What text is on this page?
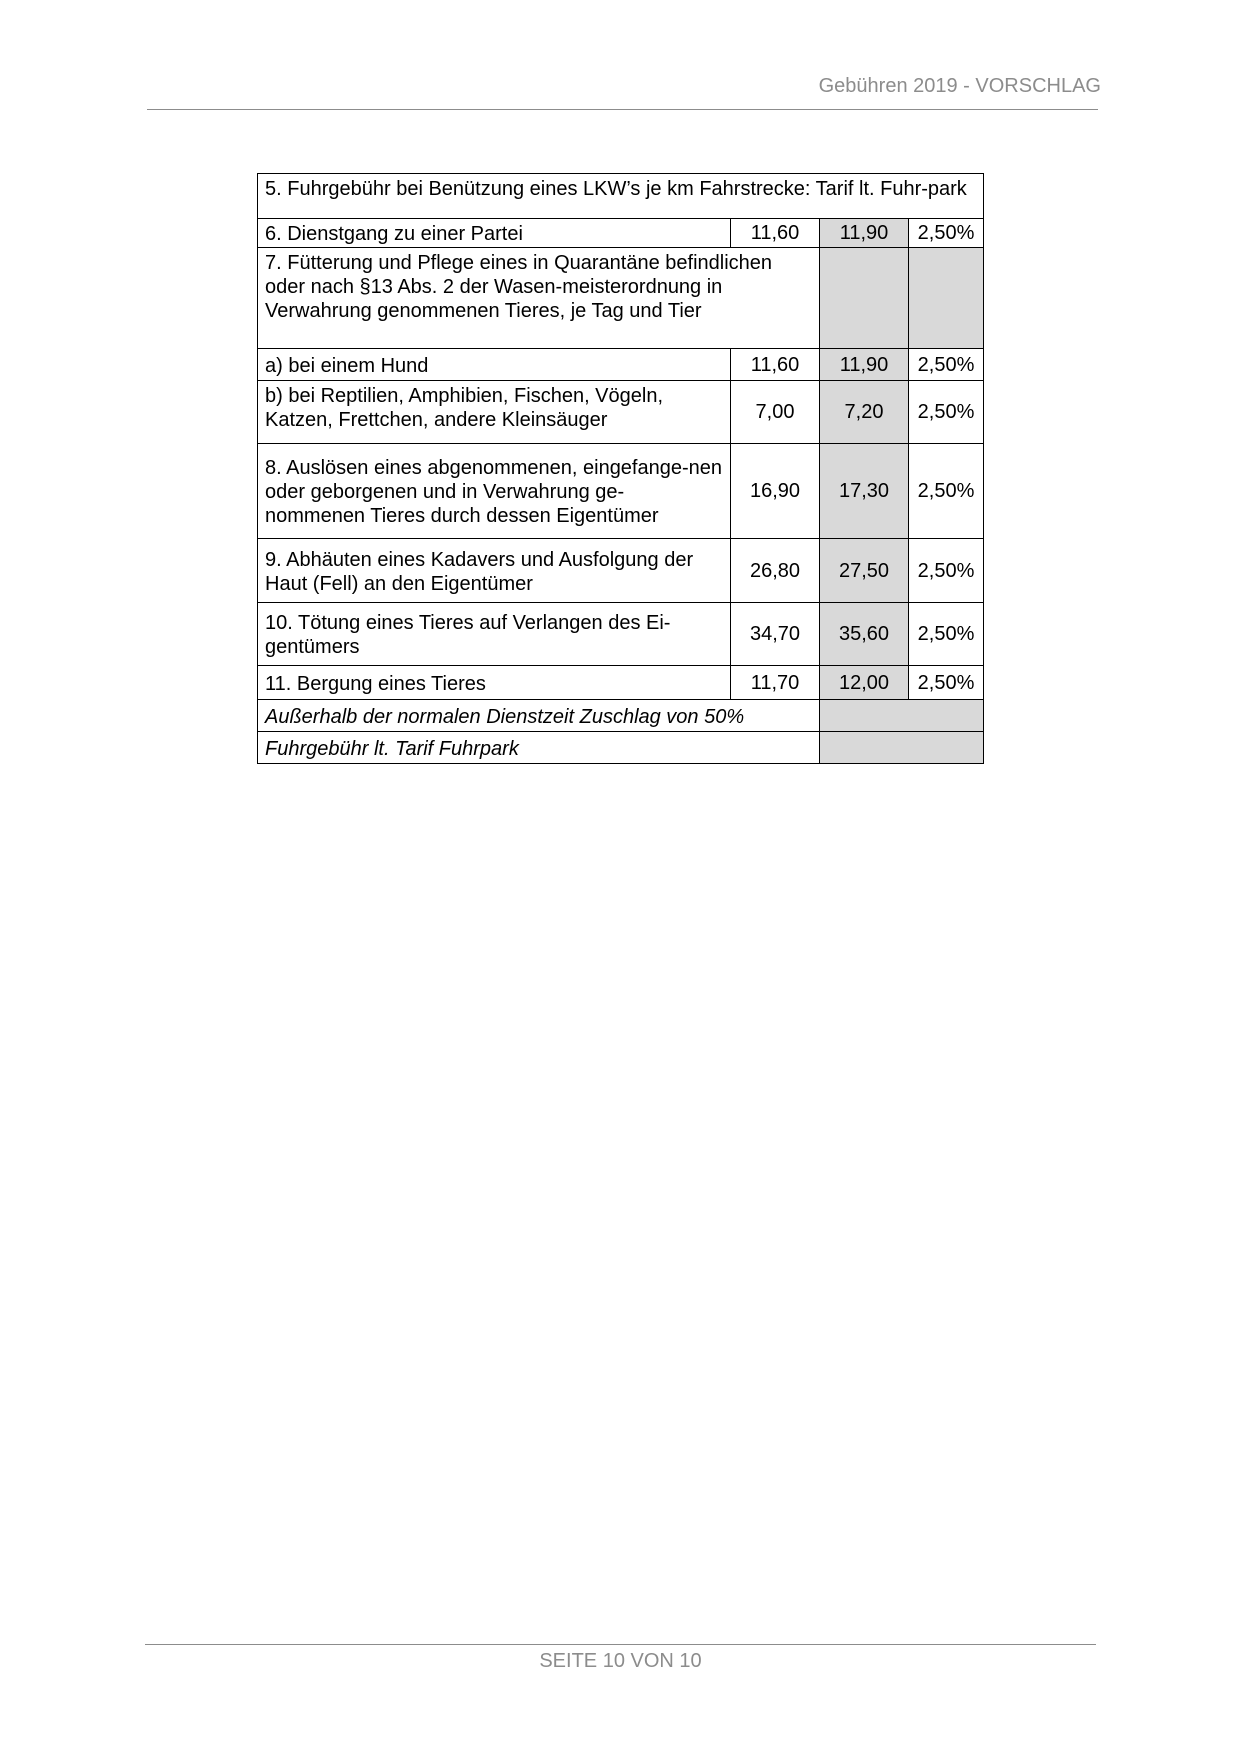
Gebühren 2019 - VORSCHLAG
5. Fuhrgebühr bei Benützung eines LKW’s je km Fahrstrecke: Tarif lt. Fuhr-park			
6. Dienstgang zu einer Partei	11,60	11,90	2,50%
7. Fütterung und Pflege eines in Quarantäne befindlichen oder nach §13 Abs. 2 der Wasen-meisterordnung in Verwahrung genommenen Tieres, je Tag und Tier			
a) bei einem Hund	11,60	11,90	2,50%
b) bei Reptilien, Amphibien, Fischen, Vögeln, Katzen, Frettchen, andere Kleinsäuger	7,00	7,20	2,50%
8. Auslösen eines abgenommenen, eingefange-nen oder geborgenen und in Verwahrung ge-nommenen Tieres durch dessen Eigentümer	16,90	17,30	2,50%
9. Abhäuten eines Kadavers und Ausfolgung der Haut (Fell) an den Eigentümer	26,80	27,50	2,50%
10. Tötung eines Tieres auf Verlangen des Ei-gentümers	34,70	35,60	2,50%
11. Bergung eines Tieres	11,70	12,00	2,50%
Außerhalb der normalen Dienstzeit Zuschlag von 50%			
Fuhrgebühr lt. Tarif Fuhrpark			
SEITE 10 VON 10
